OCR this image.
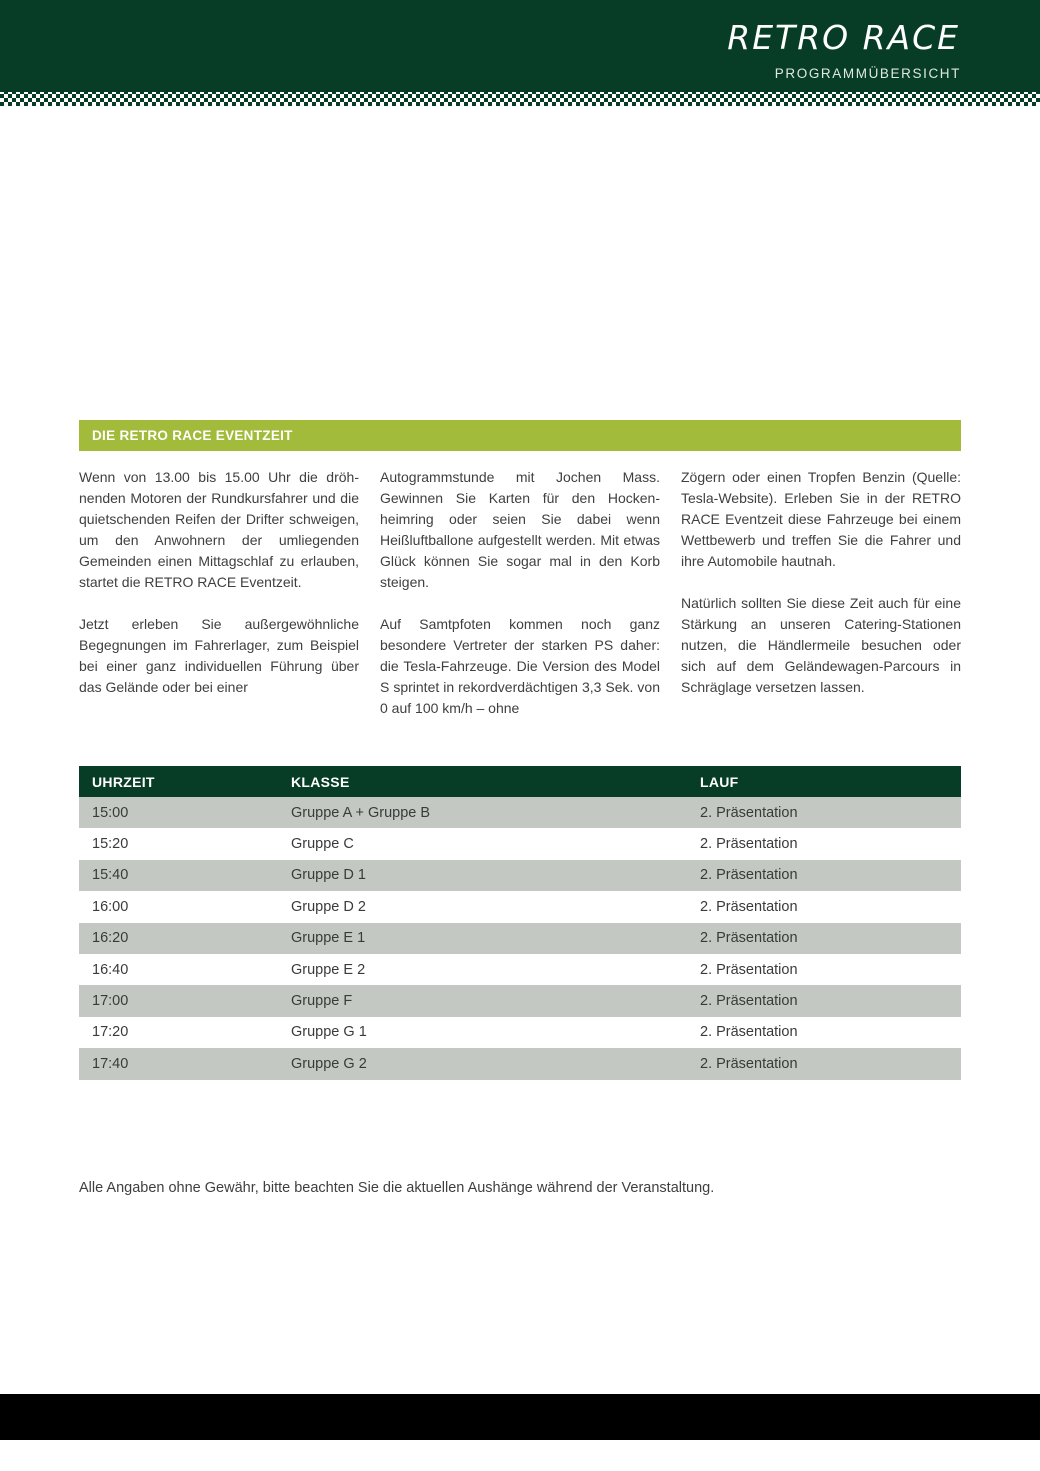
RETRO RACE
PROGRAMMÜBERSICHT
DIE RETRO RACE EVENTZEIT

Wenn von 13.00 bis 15.00 Uhr die dröhnenden Motoren der Rundkursfahrer und die quietschenden Reifen der Drifter schweigen, um den Anwohnern der umliegenden Gemeinden einen Mittagschlaf zu erlauben, startet die RETRO RACE Eventzeit.

Jetzt erleben Sie außergewöhnliche Begegnungen im Fahrerlager, zum Beispiel bei einer ganz individuellen Führung über das Gelände oder bei einer

Autogrammstunde mit Jochen Mass. Gewinnen Sie Karten für den Hockenheimring oder seien Sie dabei wenn Heißluftballone aufgestellt werden. Mit etwas Glück können Sie sogar mal in den Korb steigen.

Auf Samtpfoten kommen noch ganz besondere Vertreter der starken PS daher: die Tesla-Fahrzeuge. Die Version des Model S sprintet in rekordverdächtigen 3,3 Sek. von 0 auf 100 km/h – ohne

Zögern oder einen Tropfen Benzin (Quelle: Tesla-Website). Erleben Sie in der RETRO RACE Eventzeit diese Fahrzeuge bei einem Wettbewerb und treffen Sie die Fahrer und ihre Automobile hautnah.

Natürlich sollten Sie diese Zeit auch für eine Stärkung an unseren Catering-Stationen nutzen, die Händlermeile besuchen oder sich auf dem Geländewagen-Parcours in Schräglage versetzen lassen.

UHRZEIT	KLASSE	LAUF
15:00	Gruppe A + Gruppe B	2. Präsentation
15:20	Gruppe C	2. Präsentation
15:40	Gruppe D 1	2. Präsentation
16:00	Gruppe D 2	2. Präsentation
16:20	Gruppe E 1	2. Präsentation
16:40	Gruppe E 2	2. Präsentation
17:00	Gruppe F	2. Präsentation
17:20	Gruppe G 1	2. Präsentation
17:40	Gruppe G 2	2. Präsentation
Alle Angaben ohne Gewähr, bitte beachten Sie die aktuellen Aushänge während der Veranstaltung.
